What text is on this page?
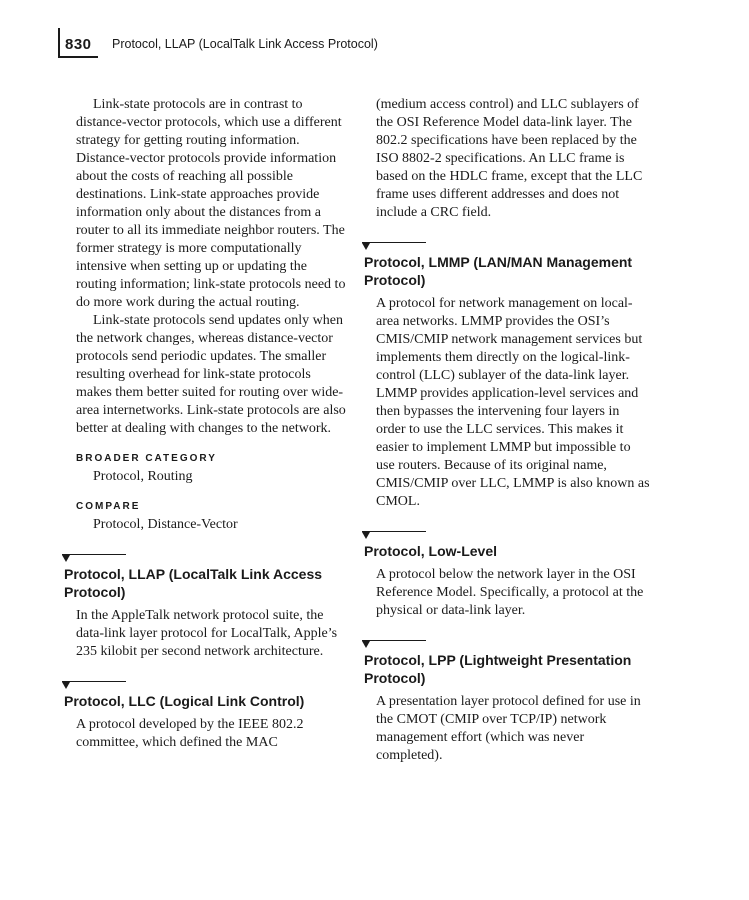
830 Protocol, LLAP (LocalTalk Link Access Protocol)

Link-state protocols are in contrast to distance-vector protocols, which use a different strategy for getting routing information. Distance-vector protocols provide information about the costs of reaching all possible destinations. Link-state approaches provide information only about the distances from a router to all its immediate neighbor routers. The former strategy is more computationally intensive when setting up or updating the routing information; link-state protocols need to do more work during the actual routing.

Link-state protocols send updates only when the network changes, whereas distance-vector protocols send periodic updates. The smaller resulting overhead for link-state protocols makes them better suited for routing over wide-area internetworks. Link-state protocols are also better at dealing with changes to the network.

BROADER CATEGORY

Protocol, Routing

COMPARE

Protocol, Distance-Vector

Protocol, LLAP (LocalTalk Link Access Protocol)

In the AppleTalk network protocol suite, the data-link layer protocol for LocalTalk, Apple’s 235 kilobit per second network architecture.

Protocol, LLC (Logical Link Control)

A protocol developed by the IEEE 802.2 committee, which defined the MAC

(medium access control) and LLC sublayers of the OSI Reference Model data-link layer. The 802.2 specifications have been replaced by the ISO 8802-2 specifications. An LLC frame is based on the HDLC frame, except that the LLC frame uses different addresses and does not include a CRC field.

Protocol, LMMP (LAN/MAN Management Protocol)

A protocol for network management on local-area networks. LMMP provides the OSI’s CMIS/CMIP network management services but implements them directly on the logical-link-control (LLC) sublayer of the data-link layer. LMMP provides application-level services and then bypasses the intervening four layers in order to use the LLC services. This makes it easier to implement LMMP but impossible to use routers. Because of its original name, CMIS/CMIP over LLC, LMMP is also known as CMOL.

Protocol, Low-Level

A protocol below the network layer in the OSI Reference Model. Specifically, a protocol at the physical or data-link layer.

Protocol, LPP (Lightweight Presentation Protocol)

A presentation layer protocol defined for use in the CMOT (CMIP over TCP/IP) network management effort (which was never completed).
